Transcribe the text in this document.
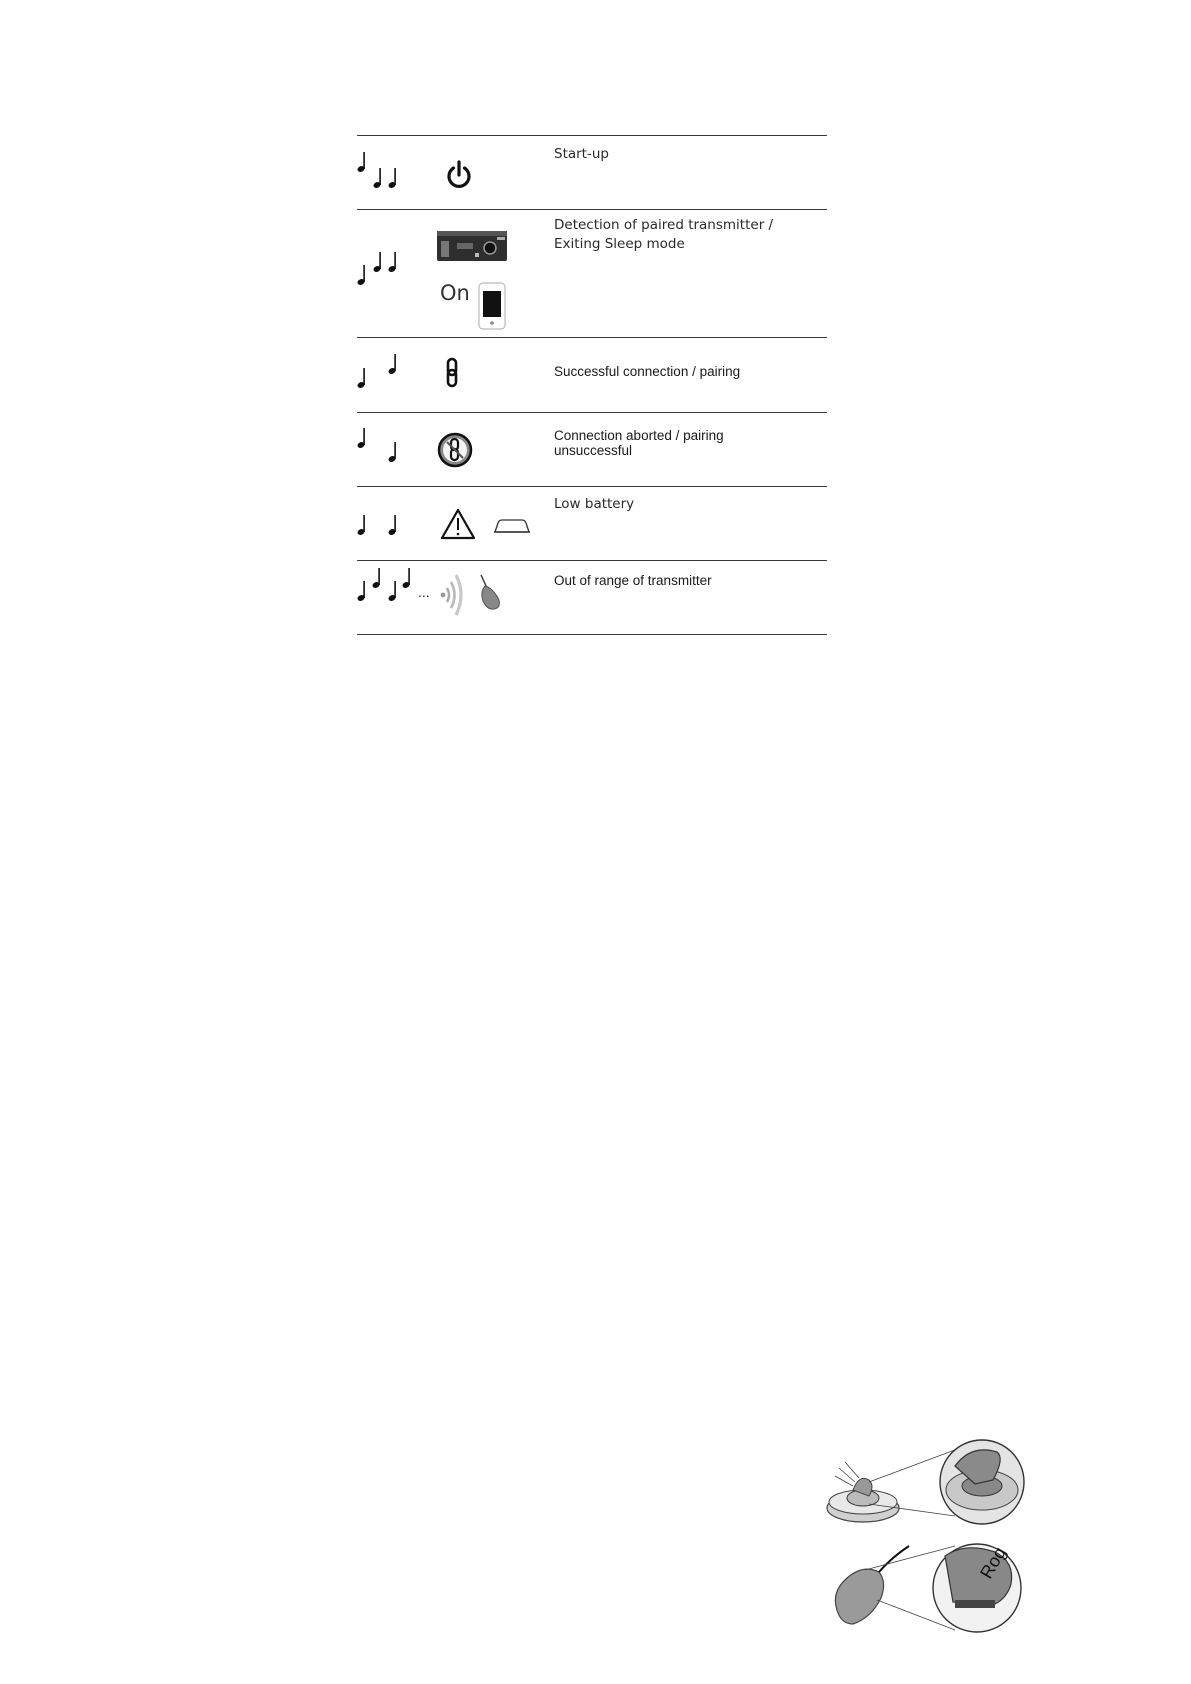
Start-up
On
Detection of paired transmitter /
Exiting Sleep mode
Successful connection / pairing
Connection aborted / pairing
unsuccessful
Low battery
...
Out of range of transmitter
Rog
